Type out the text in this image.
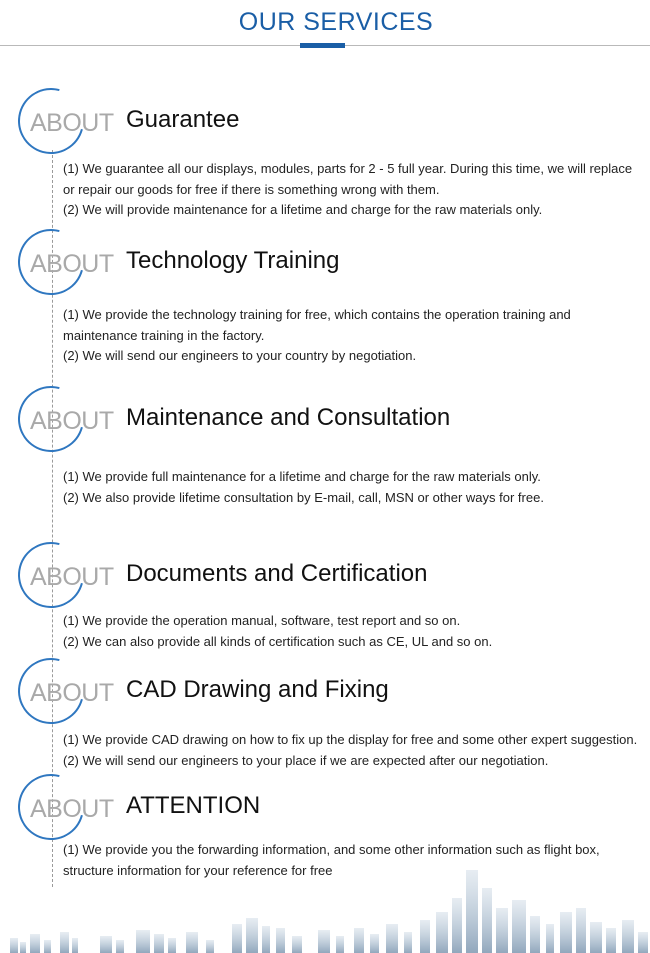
OUR SERVICES
ABOUT Guarantee

(1) We guarantee all our displays, modules, parts for 2 - 5 full year. During this time, we will replace or repair our goods for free if there is something wrong with them.

(2) We will provide maintenance for a lifetime and charge for the raw materials only.

ABOUT Technology Training

(1) We provide the technology training for free, which contains the operation training and maintenance training in the factory.

(2) We will send our engineers to your country by negotiation.

ABOUT Maintenance and Consultation

(1) We provide full maintenance for a lifetime and charge for the raw materials only.

(2) We also provide lifetime consultation by E-mail, call, MSN or other ways for free.

ABOUT Documents and Certification

(1) We provide the operation manual, software, test report and so on.

(2) We can also provide all kinds of certification such as CE, UL and so on.

ABOUT CAD Drawing and Fixing

(1) We provide CAD drawing on how to fix up the display for free and some other expert suggestion.

(2) We will send our engineers to your place if we are expected after our negotiation.

ABOUT ATTENTION

(1) We provide you the forwarding information, and some other information such as flight box, structure information for your reference for free
